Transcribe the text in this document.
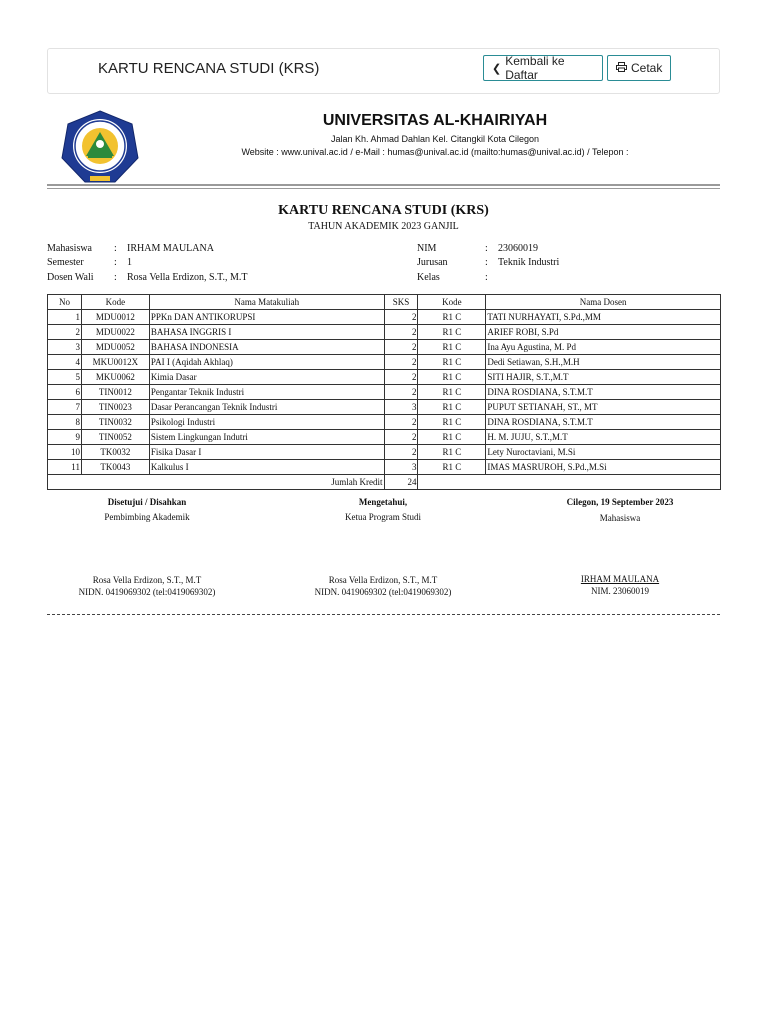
KARTU RENCANA STUDI (KRS)	❮
Kembali ke Daftar	Cetak
UNIVERSITAS AL-KHAIRIYAH
Jalan Kh. Ahmad Dahlan Kel. Citangkil Kota Cilegon
Website : www.unival.ac.id / e-Mail : humas@unival.ac.id (mailto:humas@unival.ac.id) / Telepon :
KARTU RENCANA STUDI (KRS)
TAHUN AKADEMIK 2023 GANJIL
Mahasiswa : IRHAM MAULANA
Semester	: 1
Dosen Wali : Rosa Vella Erdizon, S.T., M.T
NIM	: 23060019
Jurusan	: Teknik Industri
Kelas	:
No	Kode	Nama Matakuliah	SKS	Kode	Nama Dosen
1	MDU0012	PPKn DAN ANTIKORUPSI	2	R1 C	TATI NURHAYATI, S.Pd.,MM
2	MDU0022	BAHASA INGGRIS I	2	R1 C	ARIEF ROBI, S.Pd
3	MDU0052	BAHASA INDONESIA	2	R1 C	Ina Ayu Agustina, M. Pd
4	MKU0012X	PAI I (Aqidah Akhlaq)	2	R1 C	Dedi Setiawan, S.H.,M.H
5	MKU0062	Kimia Dasar	2	R1 C	SITI HAJIR, S.T.,M.T
6	TIN0012	Pengantar Teknik Industri	2	R1 C	DINA ROSDIANA, S.T.M.T
7	TIN0023	Dasar Perancangan Teknik Industri	3	R1 C	PUPUT SETIANAH, ST., MT
8	TIN0032	Psikologi Industri	2	R1 C	DINA ROSDIANA, S.T.M.T
9	TIN0052	Sistem Lingkungan Indutri	2	R1 C	H. M. JUJU, S.T.,M.T
10	TK0032	Fisika Dasar I	2	R1 C	Lety Nuroctaviani, M.Si
11	TK0043	Kalkulus I	3	R1 C	IMAS MASRUROH, S.Pd.,M.Si
Jumlah Kredit			24		
Disetujui / Disahkan
Pembimbing Akademik
Rosa Vella Erdizon, S.T., M.T
NIDN. 0419069302 (tel:0419069302)
Mengetahui,
Ketua Program Studi
Rosa Vella Erdizon, S.T., M.T
NIDN. 0419069302 (tel:0419069302)
Cilegon, 19 September 2023
Mahasiswa
IRHAM MAULANA
NIM. 23060019
